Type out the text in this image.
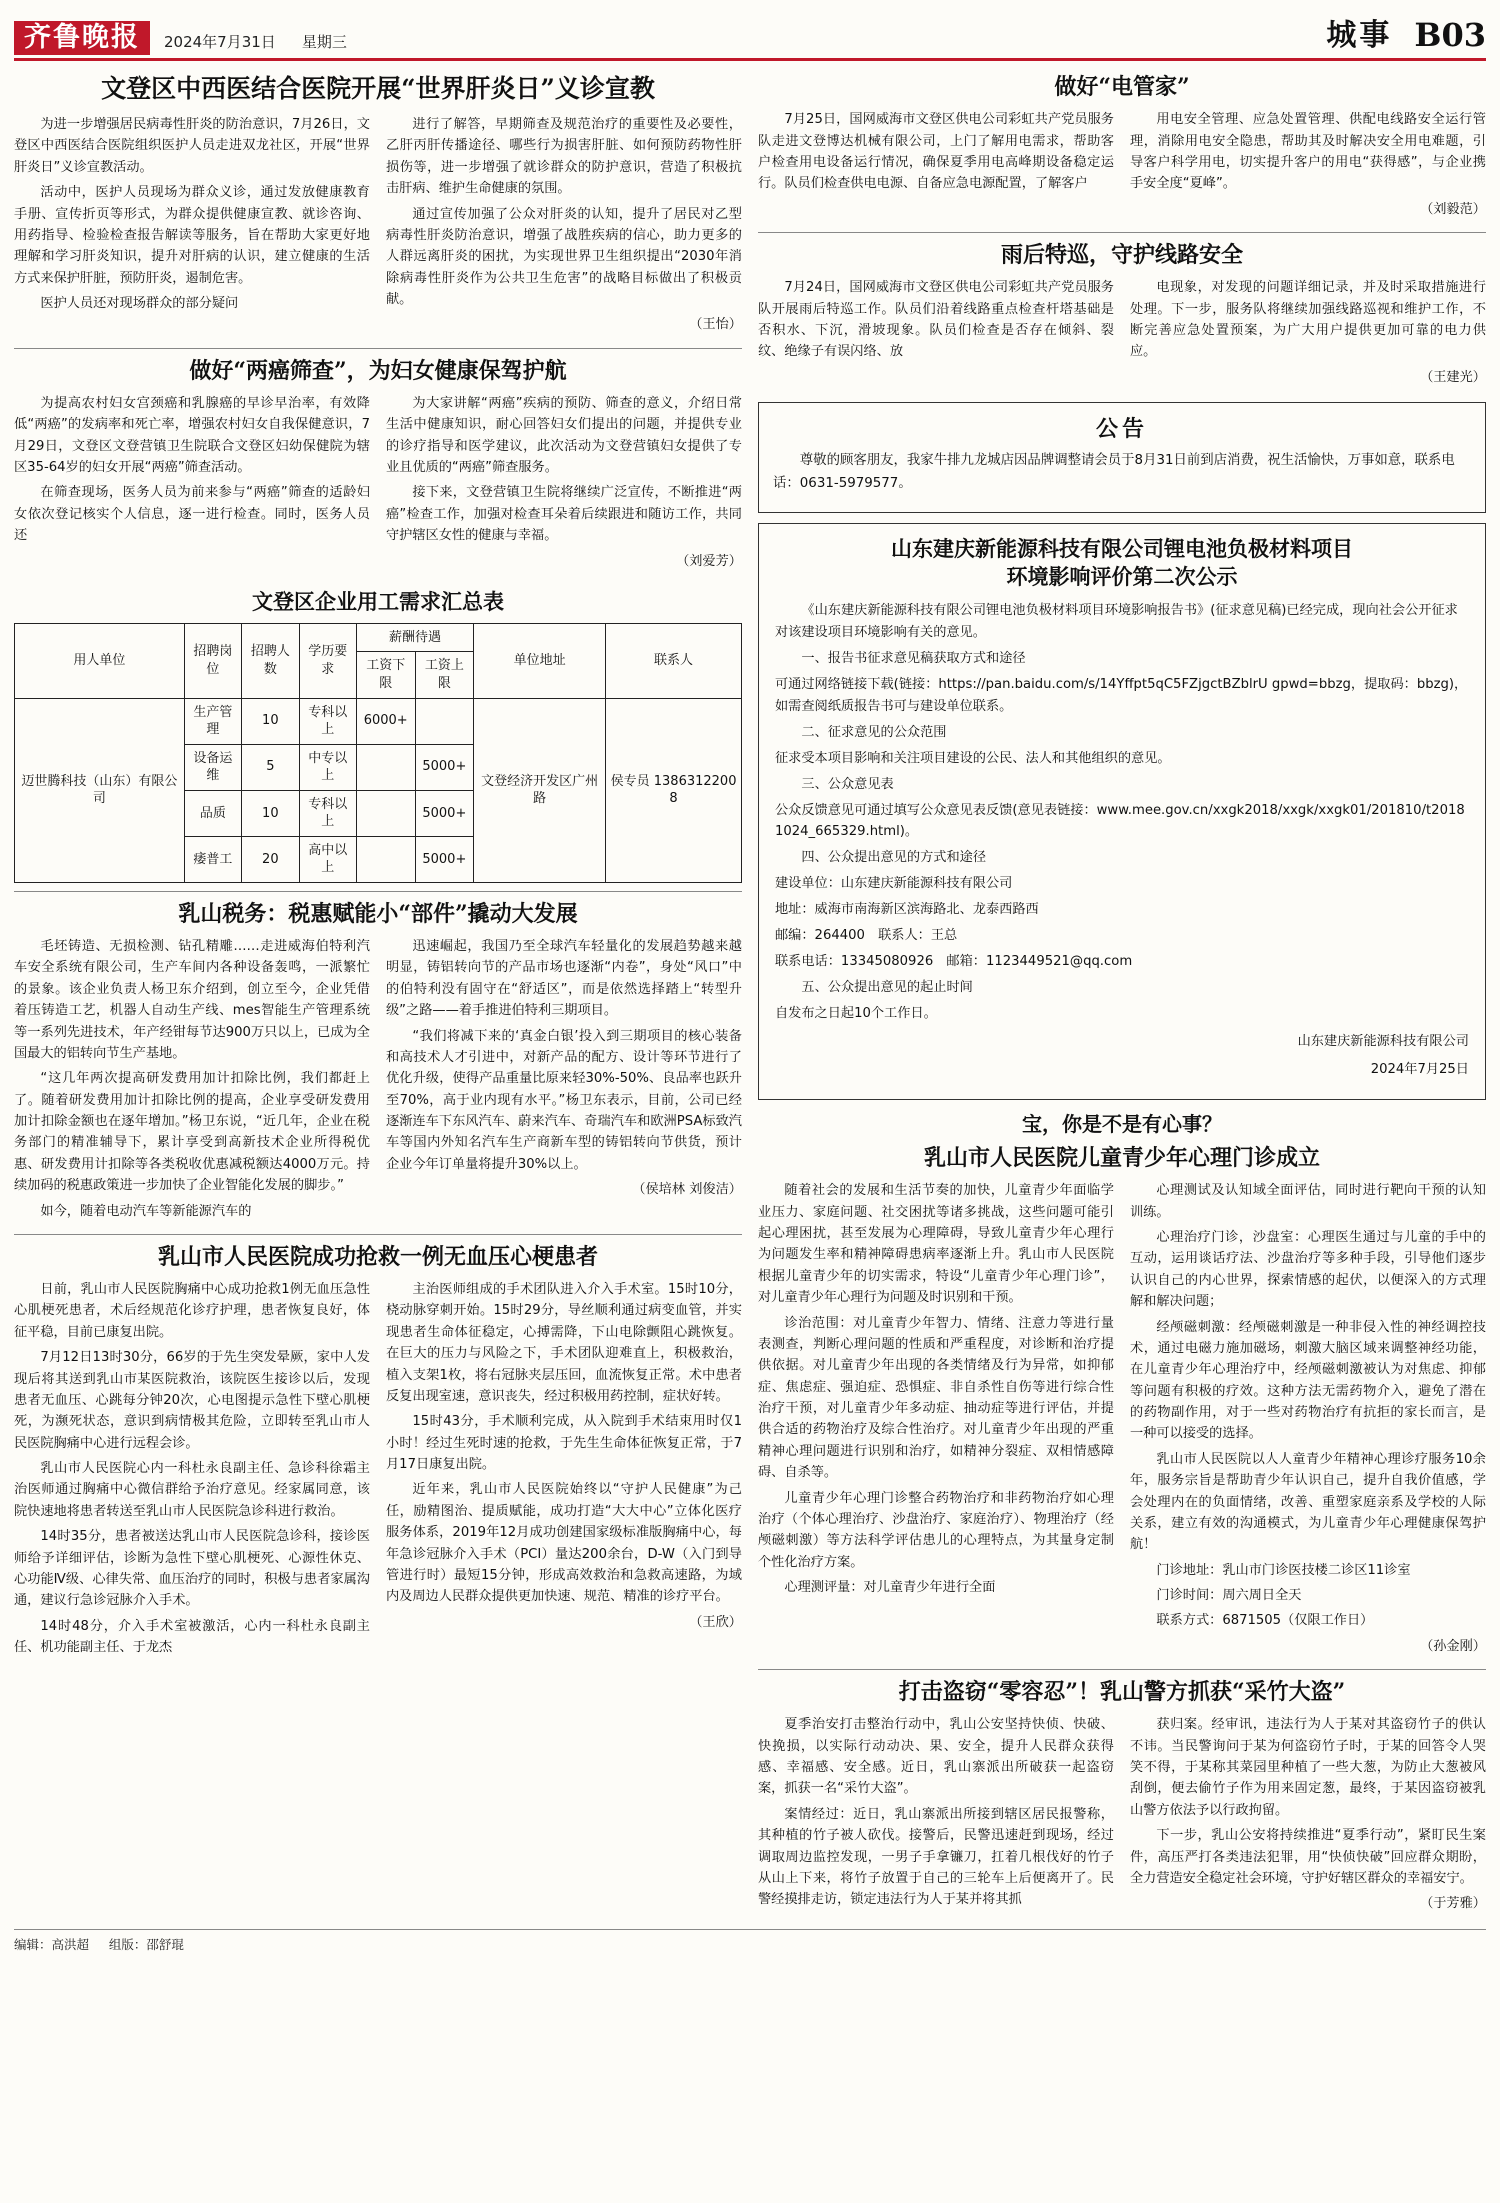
齐鲁晚报	2024年7月31日 星期三	城事 B03
文登区中西医结合医院开展“世界肝炎日”义诊宣教

为进一步增强居民病毒性肝炎的防治意识，7月26日，文登区中西医结合医院组织医护人员走进双龙社区，开展“世界肝炎日”义诊宣教活动。

活动中，医护人员现场为群众义诊，通过发放健康教育手册、宣传折页等形式，为群众提供健康宣教、就诊咨询、用药指导、检验检查报告解读等服务，旨在帮助大家更好地理解和学习肝炎知识，提升对肝病的认识，建立健康的生活方式来保护肝脏，预防肝炎，遏制危害。

医护人员还对现场群众的部分疑问

进行了解答，早期筛查及规范治疗的重要性及必要性，乙肝丙肝传播途径、哪些行为损害肝脏、如何预防药物性肝损伤等，进一步增强了就诊群众的防护意识，营造了积极抗击肝病、维护生命健康的氛围。

通过宣传加强了公众对肝炎的认知，提升了居民对乙型病毒性肝炎防治意识，增强了战胜疾病的信心，助力更多的人群远离肝炎的困扰，为实现世界卫生组织提出“2030年消除病毒性肝炎作为公共卫生危害”的战略目标做出了积极贡献。

（王怡）

做好“两癌筛查”，为妇女健康保驾护航

为提高农村妇女宫颈癌和乳腺癌的早诊早治率，有效降低“两癌”的发病率和死亡率，增强农村妇女自我保健意识，7月29日，文登区文登营镇卫生院联合文登区妇幼保健院为辖区35-64岁的妇女开展“两癌”筛查活动。

在筛查现场，医务人员为前来参与“两癌”筛查的适龄妇女依次登记核实个人信息，逐一进行检查。同时，医务人员还

为大家讲解“两癌”疾病的预防、筛查的意义，介绍日常生活中健康知识，耐心回答妇女们提出的问题，并提供专业的诊疗指导和医学建议，此次活动为文登营镇妇女提供了专业且优质的“两癌”筛查服务。

接下来，文登营镇卫生院将继续广泛宣传，不断推进“两癌”检查工作，加强对检查耳朵着后续跟进和随访工作，共同守护辖区女性的健康与幸福。

（刘爱芳）

文登区企业用工需求汇总表
用人单位	招聘岗位	招聘人数	学历要求	薪酬待遇		单位地址	联系人
				工资下限	工资上限		
迈世腾科技（山东）有限公司	生产管理	10	专科以上	6000+		文登经济开发区广州路	侯专员 13863122008
	设备运维	5	中专以上		5000+		
	品质	10	专科以上		5000+		
	痿普工	20	高中以上		5000+		
乳山税务：税惠赋能小“部件”撬动大发展

毛坯铸造、无损检测、钻孔精雕……走进威海伯特利汽车安全系统有限公司，生产车间内各种设备轰鸣，一派繁忙的景象。该企业负责人杨卫东介绍到，创立至今，企业凭借着压铸造工艺，机器人自动生产线、mes智能生产管理系统等一系列先进技术，年产经钳每节达900万只以上，已成为全国最大的铝转向节生产基地。

“这几年两次提高研发费用加计扣除比例，我们都赶上了。随着研发费用加计扣除比例的提高，企业享受研发费用加计扣除金额也在逐年增加。”杨卫东说，“近几年，企业在税务部门的精准辅导下，累计享受到高新技术企业所得税优惠、研发费用计扣除等各类税收优惠减税额达4000万元。持续加码的税惠政策进一步加快了企业智能化发展的脚步。”

如今，随着电动汽车等新能源汽车的

迅速崛起，我国乃至全球汽车轻量化的发展趋势越来越明显，铸铝转向节的产品市场也逐渐“内卷”，身处“风口”中的伯特利没有固守在“舒适区”，而是依然选择踏上“转型升级”之路——着手推进伯特利三期项目。

“我们将减下来的‘真金白银’投入到三期项目的核心装备和高技术人才引进中，对新产品的配方、设计等环节进行了优化升级，使得产品重量比原来轻30%-50%、良品率也跃升至70%，高于业内现有水平。”杨卫东表示，目前，公司已经逐渐连车下东风汽车、蔚来汽车、奇瑞汽车和欧洲PSA标致汽车等国内外知名汽车生产商新车型的铸铝转向节供货，预计企业今年订单量将提升30%以上。

（侯培林 刘俊洁）

乳山市人民医院成功抢救一例无血压心梗患者

日前，乳山市人民医院胸痛中心成功抢救1例无血压急性心肌梗死患者，术后经规范化诊疗护理，患者恢复良好，体征平稳，目前已康复出院。

7月12日13时30分，66岁的于先生突发晕厥，家中人发现后将其送到乳山市某医院救治，该院医生接诊以后，发现患者无血压、心跳每分钟20次，心电图提示急性下壁心肌梗死，为濒死状态，意识到病情极其危险，立即转至乳山市人民医院胸痛中心进行远程会诊。

乳山市人民医院心内一科杜永良副主任、急诊科徐霜主治医师通过胸痛中心微信群给予治疗意见。经家属同意，该院快速地将患者转送至乳山市人民医院急诊科进行救治。

14时35分，患者被送达乳山市人民医院急诊科，接诊医师给予详细评估，诊断为急性下壁心肌梗死、心源性休克、心功能Ⅳ级、心律失常、血压治疗的同时，积极与患者家属沟通，建议行急诊冠脉介入手术。

14时48分，介入手术室被激活，心内一科杜永良副主任、机功能副主任、于龙杰

主治医师组成的手术团队进入介入手术室。15时10分，桡动脉穿刺开始。15时29分，导丝顺利通过病变血管，并实现患者生命体征稳定，心搏需降，下山电除颤阻心跳恢复。在巨大的压力与风险之下，手术团队迎难直上，积极救治，植入支架1枚，将右冠脉夹层压回，血流恢复正常。术中患者反复出现室速，意识丧失，经过积极用药控制，症状好转。

15时43分，手术顺利完成，从入院到手术结束用时仅1小时！经过生死时速的抢救，于先生生命体征恢复正常，于7月17日康复出院。

近年来，乳山市人民医院始终以“守护人民健康”为己任，励精图治、提质赋能，成功打造“大大中心”立体化医疗服务体系，2019年12月成功创建国家级标准版胸痛中心，每年急诊冠脉介入手术（PCI）量达200余台，D-W（入门到导管进行时）最短15分钟，形成高效救治和急救高速路，为域内及周边人民群众提供更加快速、规范、精准的诊疗平台。

（王欣）

做好“电管家”

7月25日，国网威海市文登区供电公司彩虹共产党员服务队走进文登博达机械有限公司，上门了解用电需求，帮助客户检查用电设备运行情况，确保夏季用电高峰期设备稳定运行。队员们检查供电电源、自备应急电源配置，了解客户

用电安全管理、应急处置管理、供配电线路安全运行管理，消除用电安全隐患，帮助其及时解决安全用电难题，引导客户科学用电，切实提升客户的用电“获得感”，与企业携手安全度“夏峰”。

（刘毅范）

雨后特巡，守护线路安全

7月24日，国网威海市文登区供电公司彩虹共产党员服务队开展雨后特巡工作。队员们沿着线路重点检查杆塔基础是否积水、下沉，滑坡现象。队员们检查是否存在倾斜、裂纹、绝缘子有误闪络、放

电现象，对发现的问题详细记录，并及时采取措施进行处理。下一步，服务队将继续加强线路巡视和维护工作，不断完善应急处置预案，为广大用户提供更加可靠的电力供应。

（王建光）

公告

尊敬的顾客朋友，我家牛排九龙城店因品牌调整请会员于8月31日前到店消费，祝生活愉快，万事如意，联系电话：0631-5979577。

山东建庆新能源科技有限公司锂电池负极材料项目
环境影响评价第二次公示

《山东建庆新能源科技有限公司锂电池负极材料项目环境影响报告书》(征求意见稿)已经完成，现向社会公开征求对该建设项目环境影响有关的意见。

一、报告书征求意见稿获取方式和途径

可通过网络链接下载(链接：https://pan.baidu.com/s/14Yffpt5qC5FZjgctBZblrU gpwd=bbzg，提取码：bbzg)，如需查阅纸质报告书可与建设单位联系。

二、征求意见的公众范围

征求受本项目影响和关注项目建设的公民、法人和其他组织的意见。

三、公众意见表

公众反馈意见可通过填写公众意见表反馈(意见表链接：www.mee.gov.cn/xxgk2018/xxgk/xxgk01/201810/t20181024_665329.html)。

四、公众提出意见的方式和途径

建设单位：山东建庆新能源科技有限公司

地址：威海市南海新区滨海路北、龙泰西路西

邮编：264400　联系人：王总

联系电话：13345080926　邮箱：1123449521@qq.com

五、公众提出意见的起止时间

自发布之日起10个工作日。

山东建庆新能源科技有限公司

2024年7月25日

宝，你是不是有心事？
乳山市人民医院儿童青少年心理门诊成立

随着社会的发展和生活节奏的加快，儿童青少年面临学业压力、家庭问题、社交困扰等诸多挑战，这些问题可能引起心理困扰，甚至发展为心理障碍，导致儿童青少年心理行为问题发生率和精神障碍患病率逐渐上升。乳山市人民医院根据儿童青少年的切实需求，特设“儿童青少年心理门诊”，对儿童青少年心理行为问题及时识别和干预。

诊治范围：对儿童青少年智力、情绪、注意力等进行量表测查，判断心理问题的性质和严重程度，对诊断和治疗提供依据。对儿童青少年出现的各类情绪及行为异常，如抑郁症、焦虑症、强迫症、恐惧症、非自杀性自伤等进行综合性治疗干预，对儿童青少年多动症、抽动症等进行评估，并提供合适的药物治疗及综合性治疗。对儿童青少年出现的严重精神心理问题进行识别和治疗，如精神分裂症、双相情感障碍、自杀等。

儿童青少年心理门诊整合药物治疗和非药物治疗如心理治疗（个体心理治疗、沙盘治疗、家庭治疗）、物理治疗（经颅磁刺激）等方法科学评估患儿的心理特点，为其量身定制个性化治疗方案。

心理测评量：对儿童青少年进行全面

心理测试及认知域全面评估，同时进行靶向干预的认知训练。

心理治疗门诊，沙盘室：心理医生通过与儿童的手中的互动，运用谈话疗法、沙盘治疗等多种手段，引导他们逐步认识自己的内心世界，探索情感的起伏，以便深入的方式理解和解决问题；

经颅磁刺激：经颅磁刺激是一种非侵入性的神经调控技术，通过电磁力施加磁场，刺激大脑区域来调整神经功能，在儿童青少年心理治疗中，经颅磁刺激被认为对焦虑、抑郁等问题有积极的疗效。这种方法无需药物介入，避免了潜在的药物副作用，对于一些对药物治疗有抗拒的家长而言，是一种可以接受的选择。

乳山市人民医院以人人童青少年精神心理诊疗服务10余年，服务宗旨是帮助青少年认识自己，提升自我价值感，学会处理内在的负面情绪，改善、重塑家庭亲系及学校的人际关系，建立有效的沟通模式，为儿童青少年心理健康保驾护航！

门诊地址：乳山市门诊医技楼二诊区11诊室

门诊时间：周六周日全天

联系方式：6871505（仅限工作日）

（孙金刚）

打击盗窃“零容忍”！乳山警方抓获“采竹大盗”

夏季治安打击整治行动中，乳山公安坚持快侦、快破、快挽损，以实际行动动决、果、安全，提升人民群众获得感、幸福感、安全感。近日，乳山寨派出所破获一起盗窃案，抓获一名“采竹大盗”。

案情经过：近日，乳山寨派出所接到辖区居民报警称，其种植的竹子被人砍伐。接警后，民警迅速赶到现场，经过调取周边监控发现，一男子手拿镰刀，扛着几根伐好的竹子从山上下来，将竹子放置于自己的三轮车上后便离开了。民警经摸排走访，锁定违法行为人于某并将其抓

获归案。经审讯，违法行为人于某对其盗窃竹子的供认不讳。当民警询问于某为何盗窃竹子时，于某的回答令人哭笑不得，于某称其菜园里种植了一些大葱，为防止大葱被风刮倒，便去偷竹子作为用来固定葱，最终，于某因盗窃被乳山警方依法予以行政拘留。

下一步，乳山公安将持续推进“夏季行动”，紧盯民生案件，高压严打各类违法犯罪，用“快侦快破”回应群众期盼，全力营造安全稳定社会环境，守护好辖区群众的幸福安宁。

（于芳雅）

编辑：高洪超 组版：邵舒琨
